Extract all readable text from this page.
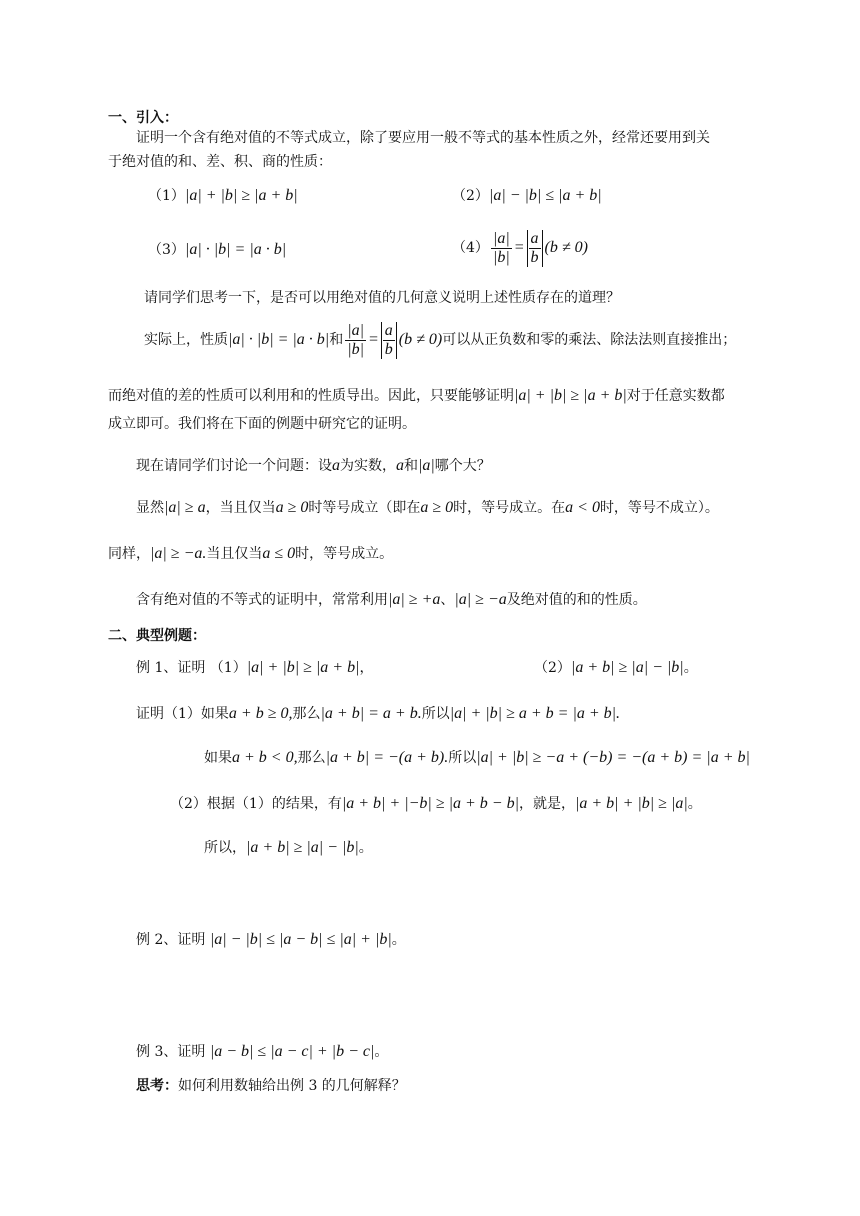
一、引入：
证明一个含有绝对值的不等式成立，除了要应用一般不等式的基本性质之外，经常还要用到关
于绝对值的和、差、积、商的性质：
（1）|a| + |b| ≥ |a + b|	（2）|a| − |b| ≤ |a + b|
（3）|a| · |b| = |a · b|	$(4) \frac{|a|}{|b|} = \frac{a}{b} (b \ne 0)$
请同学们思考一下，是否可以用绝对值的几何意义说明上述性质存在的道理？
实际上，性质|a| · |b| = |a · b|和 $\frac{|a|}{|b|} = \frac{a}{b} (b \ne 0)$可以从正负数和零的乘法、除法法则直接推出；
而绝对值的差的性质可以利用和的性质导出。因此，只要能够证明|a| + |b| ≥ |a + b|对于任意实数都
成立即可。我们将在下面的例题中研究它的证明。
现在请同学们讨论一个问题：设a为实数，a和|a|哪个大？
显然|a| ≥ a，当且仅当a ≥ 0时等号成立（即在a ≥ 0时，等号成立。在a < 0时，等号不成立）。
同样，|a| ≥ −a.当且仅当a ≤ 0时，等号成立。
含有绝对值的不等式的证明中，常常利用|a| ≥ +a、|a| ≥ −a及绝对值的和的性质。
二、典型例题：
例 1、证明 （1）|a| + |b| ≥ |a + b|，	（2）|a + b| ≥ |a| − |b|。
证明（1）如果a + b ≥ 0,那么|a + b| = a + b.所以|a| + |b| ≥ a + b = |a + b|.
如果a + b < 0,那么|a + b| = −(a + b).所以|a| + |b| ≥ −a + (−b) = −(a + b) = |a + b|
（2）根据（1）的结果，有|a + b| + |−b| ≥ |a + b − b|，就是，|a + b| + |b| ≥ |a|。
所以，|a + b| ≥ |a| − |b|。
例 2、证明 |a| − |b| ≤ |a − b| ≤ |a| + |b|。
例 3、证明 |a − b| ≤ |a − c| + |b − c|。
思考：如何利用数轴给出例 3 的几何解释？
